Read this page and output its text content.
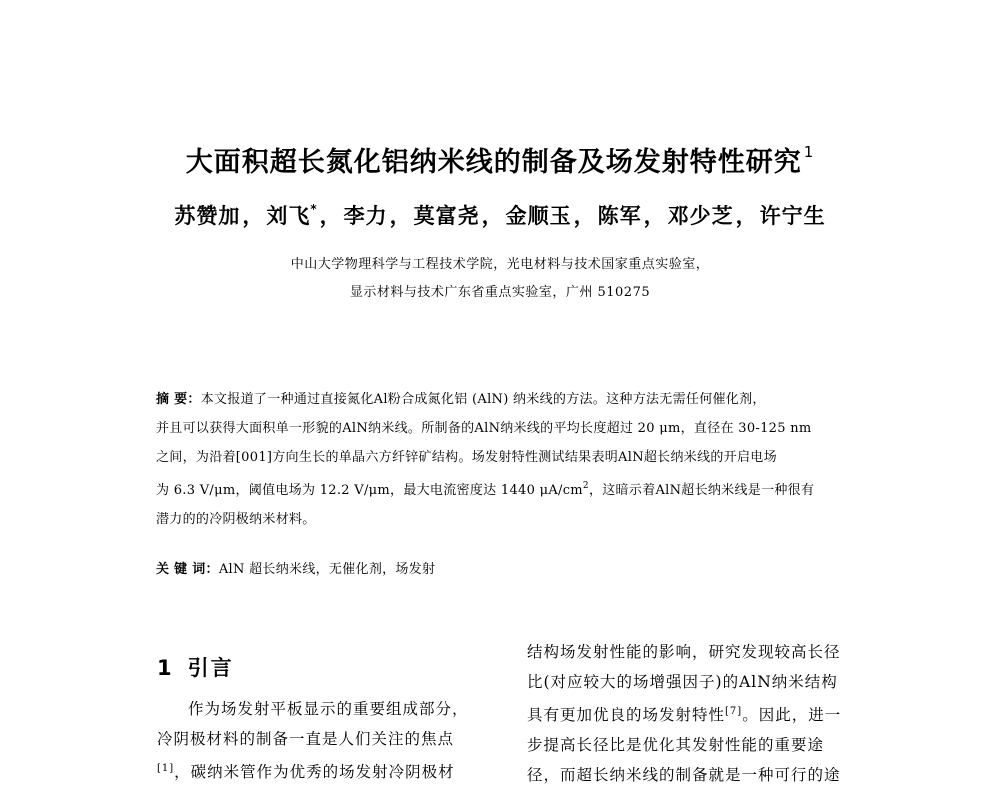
大面积超长氮化铝纳米线的制备及场发射特性研究 $^1$
苏赞加，刘飞*，李力，莫富尧，金顺玉，陈军，邓少芝，许宁生
中山大学物理科学与工程技术学院，光电材料与技术国家重点实验室，
显示材料与技术广东省重点实验室，广州 510275
摘 要：本文报道了一种通过直接氮化Al粉合成氮化铝 (AlN) 纳米线的方法。这种方法无需任何催化剂，
并且可以获得大面积单一形貌的AlN纳米线。所制备的AlN纳米线的平均长度超过 20 μm，直径在 30-125 nm
之间，为沿着[001]方向生长的单晶六方纤锌矿结构。场发射特性测试结果表明AlN超长纳米线的开启电场
为 6.3 V/μm，阈值电场为 12.2 V/μm，最大电流密度达 1440 $\mu A/cm^2$，这暗示着AlN超长纳米线是一种很有
潜力的的冷阴极纳米材料。
关 键 词：AlN 超长纳米线，无催化剂，场发射
1 引言
作为场发射平板显示的重要组成部分，
冷阴极材料的制备一直是人们关注的焦点
[1]，碳纳米管作为优秀的场发射冷阴极材
结构场发射性能的影响，研究发现较高长径
比(对应较大的场增强因子)的AlN纳米结构
具有更加优良的场发射特性[7]。因此，进一
步提高长径比是优化其发射性能的重要途
径，而超长纳米线的制备就是一种可行的途
